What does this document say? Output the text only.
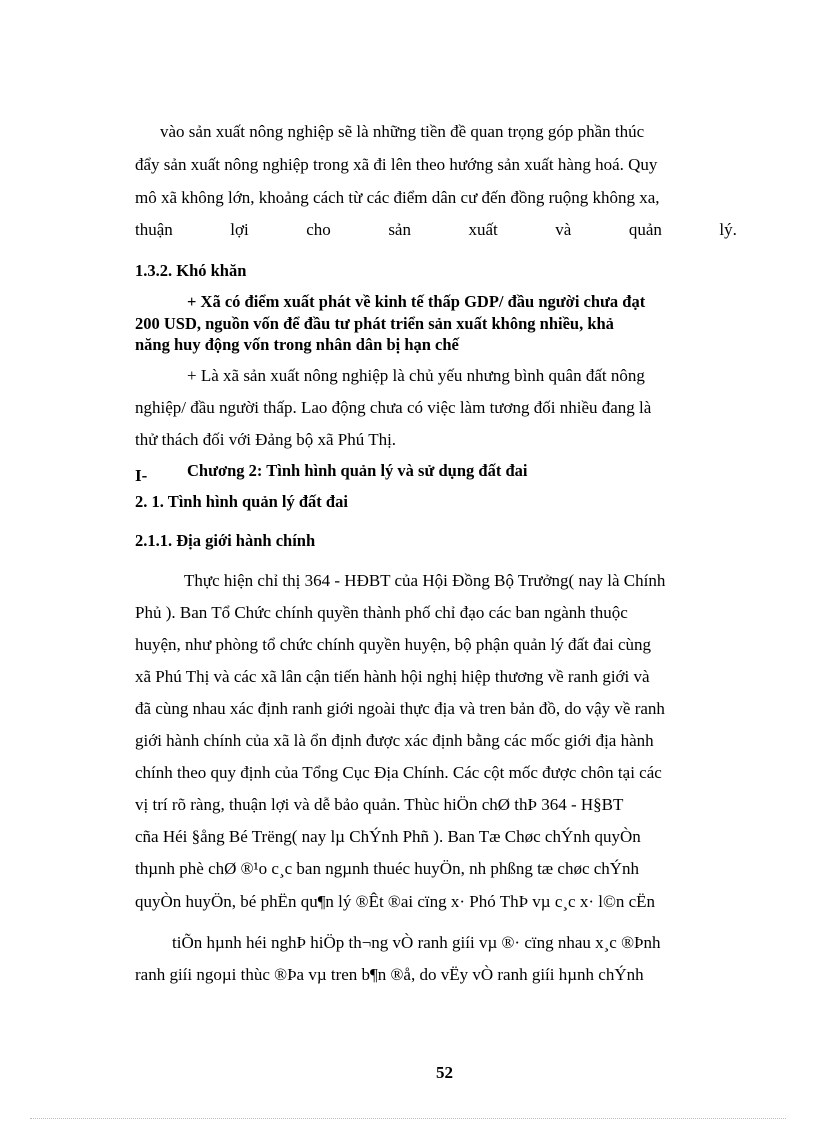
vào sản xuất nông nghiệp sẽ là những tiền đề quan trọng góp phần thúc
đẩy sản xuất nông nghiệp trong xã đi lên theo hướng sản xuất hàng hoá. Quy
mô xã không lớn, khoảng cách từ các điểm dân cư đến đồng ruộng không xa,
thuận	lợi	cho	sản	xuất	và	quản	lý.
1.3.2. Khó khăn
+ Xã có điểm xuất phát về kinh tế thấp GDP/ đầu người chưa đạt
200 USD, nguồn vốn để đầu tư phát triển sản xuất không nhiều, khả
năng huy động vốn trong nhân dân bị hạn chế
+ Là xã sản xuất nông nghiệp là chủ yếu nhưng bình quân đất nông
nghiệp/ đầu người thấp. Lao động chưa có việc làm tương đối nhiều đang là
thử thách đối với Đảng bộ xã Phú Thị.
I- Chương 2: Tình hình quản lý và sử dụng đất đai
2. 1. Tình hình quản lý đất đai
2.1.1. Địa giới hành chính
Thực hiện chỉ thị 364 - HĐBT của Hội Đồng Bộ Trưởng( nay là Chính
Phủ ). Ban Tổ Chức chính quyền thành phố chỉ đạo các ban ngành thuộc
huyện, như phòng tổ chức chính quyền huyện, bộ phận quản lý đất đai cùng
xã Phú Thị và các xã lân cận tiến hành hội nghị hiệp thương về ranh giới và
đã cùng nhau xác định ranh giới ngoài thực địa và tren bản đồ, do vậy về ranh
giới hành chính của xã là ổn định được xác định bằng các mốc giới địa hành
chính theo quy định của Tổng Cục Địa Chính. Các cột mốc được chôn tại các
vị trí rõ ràng, thuận lợi và dễ bảo quản. Thùc hiÖn chØ thÞ 364 - H§BT
cña Héi §ång Bé Trëng( nay lµ ChÝnh Phñ ). Ban Tæ Chøc chÝnh quyÒn
thµnh phè chØ ®¹o c¸c ban ngµnh thuéc huyÖn, nh phßng tæ chøc chÝnh
quyÒn huyÖn, bé phËn qu¶n lý ®Êt ®ai cïng x· Phó ThÞ vµ c¸c x· l©n cËn
tiÕn hµnh héi nghÞ hiÖp th¬ng vÒ ranh giíi vµ ®· cïng nhau x¸c ®Þnh
ranh giíi ngoµi thùc ®Þa vµ tren b¶n ®å, do vËy vÒ ranh giíi hµnh chÝnh
52
